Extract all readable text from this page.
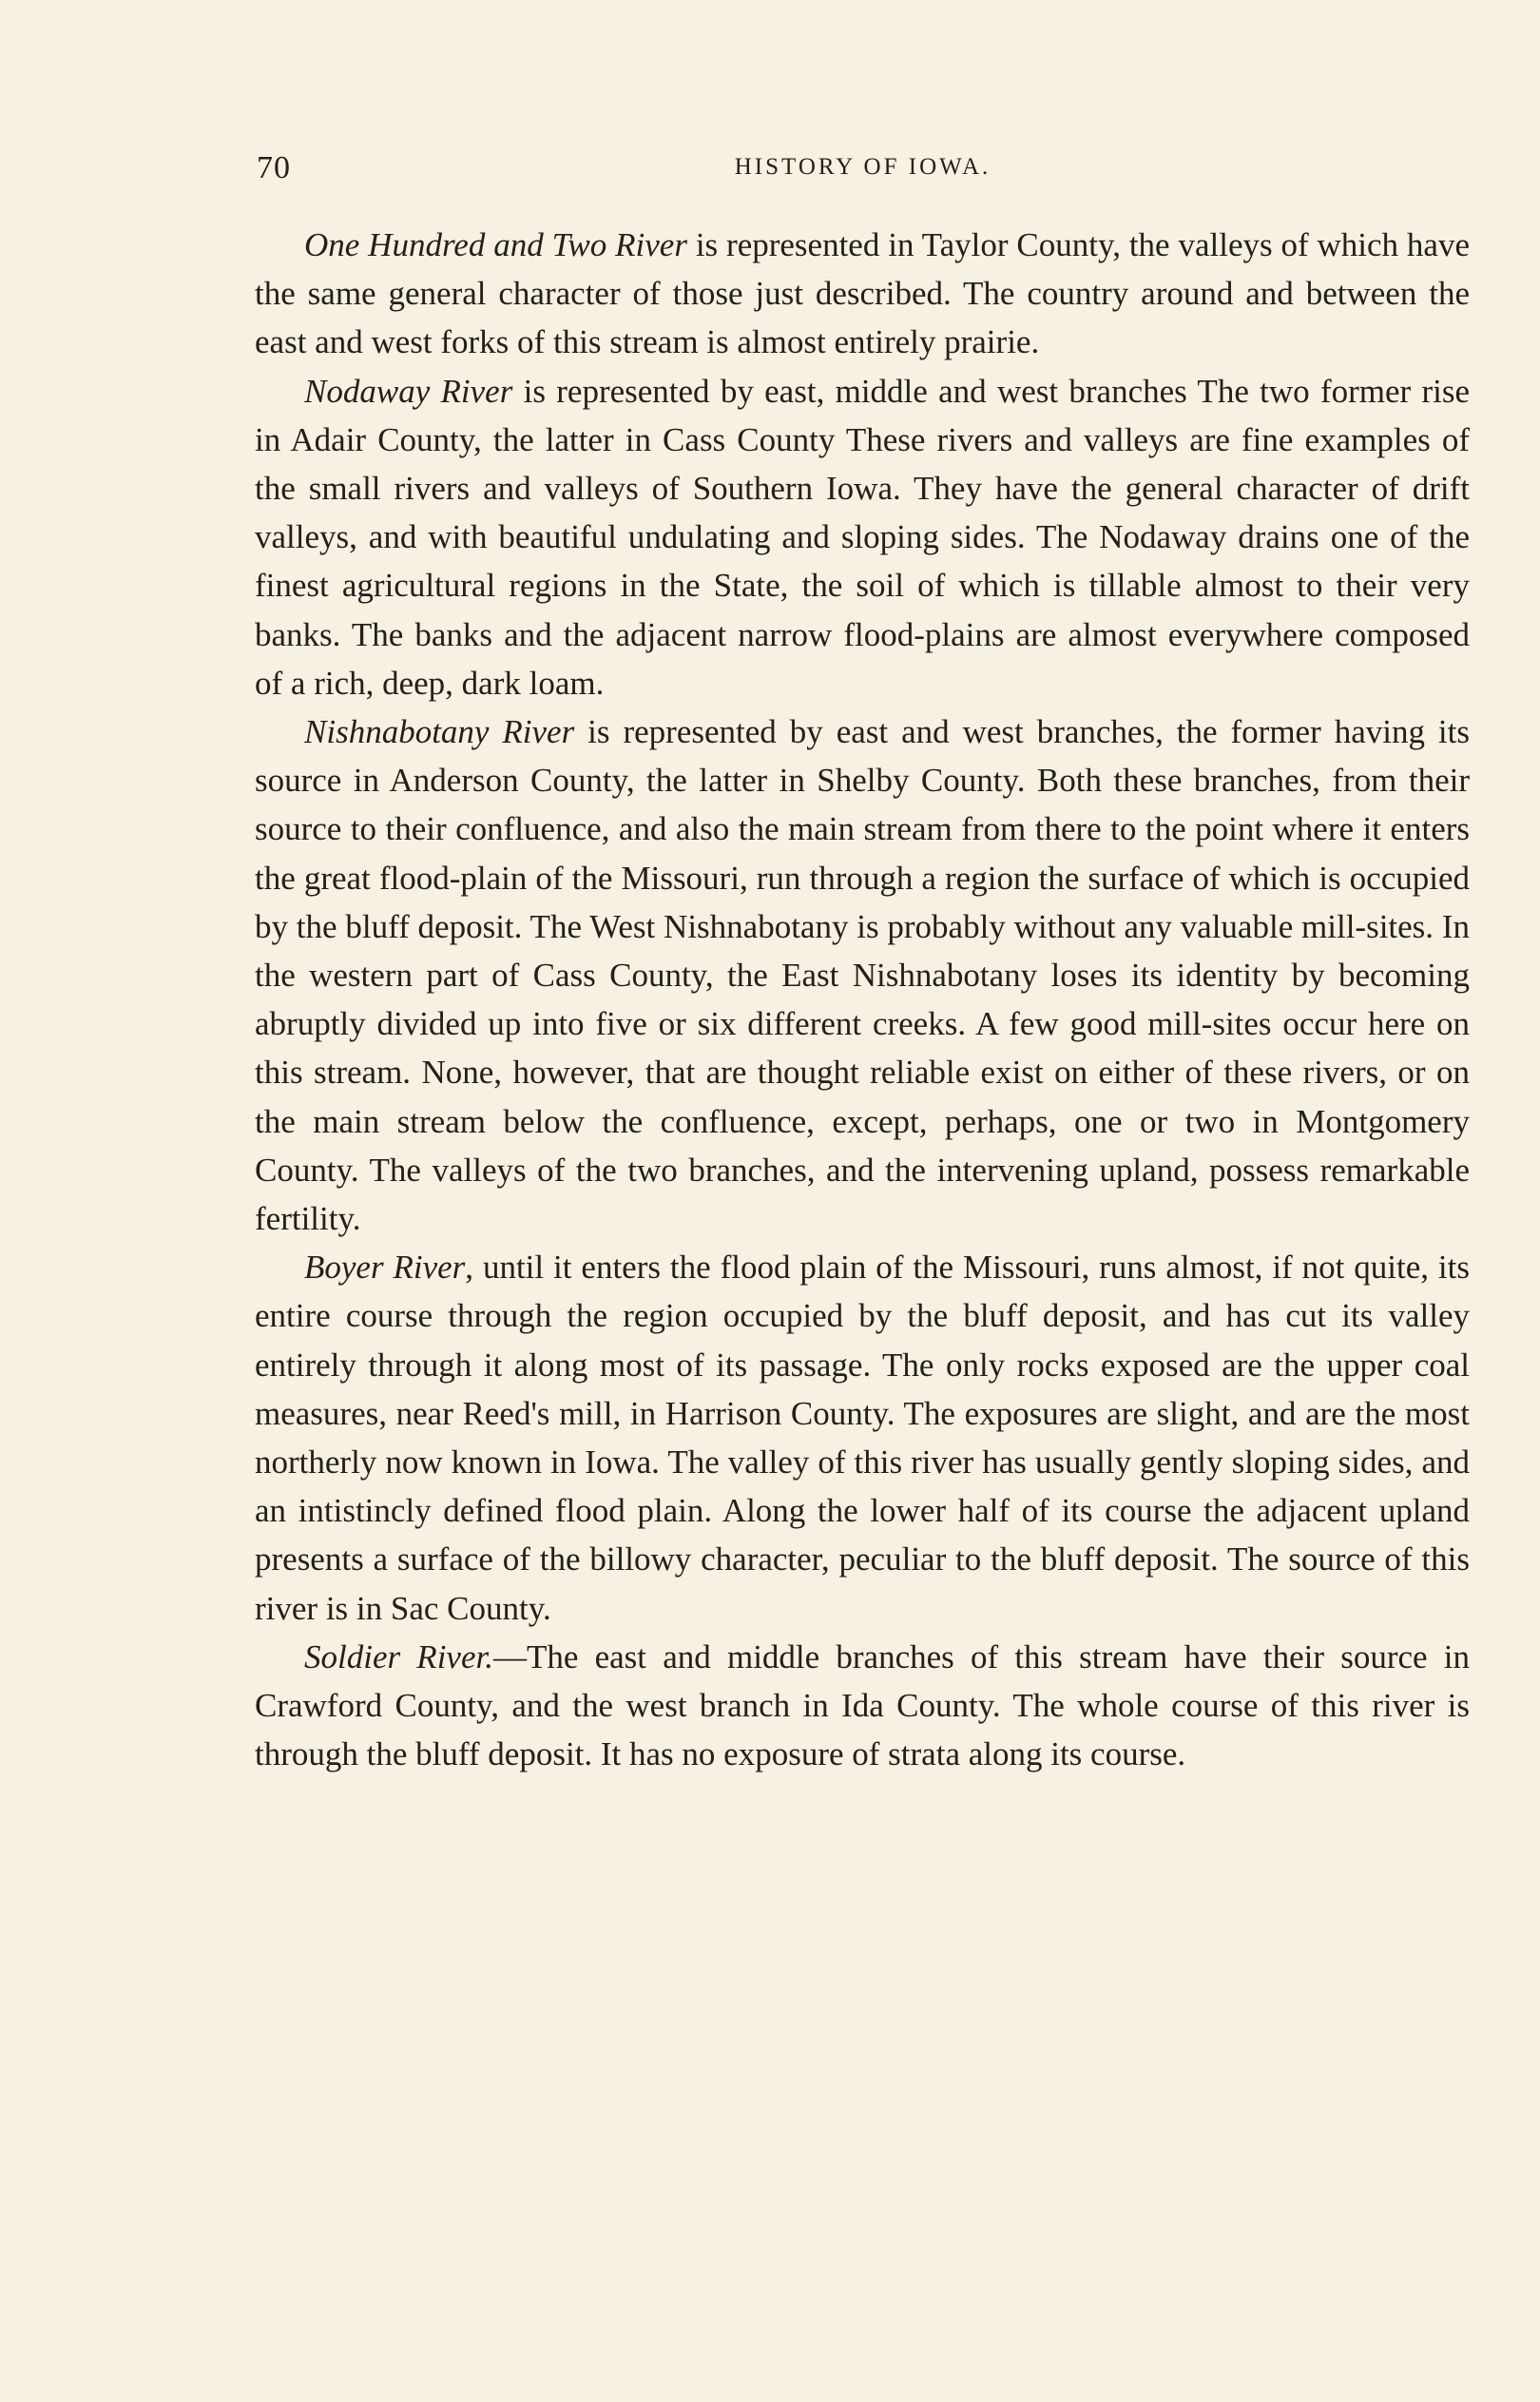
70	HISTORY OF IOWA.

One Hundred and Two River is represented in Taylor County, the valleys of which have the same general character of those just described. The country around and between the east and west forks of this stream is almost entirely prairie.

Nodaway River is represented by east, middle and west branches The two former rise in Adair County, the latter in Cass County These rivers and valleys are fine examples of the small rivers and valleys of Southern Iowa. They have the general character of drift valleys, and with beautiful undulating and sloping sides. The Nodaway drains one of the finest agricultural regions in the State, the soil of which is tillable almost to their very banks. The banks and the adjacent narrow flood-plains are almost everywhere composed of a rich, deep, dark loam.

Nishnabotany River is represented by east and west branches, the former having its source in Anderson County, the latter in Shelby County. Both these branches, from their source to their confluence, and also the main stream from there to the point where it enters the great flood-plain of the Missouri, run through a region the surface of which is occupied by the bluff deposit. The West Nishnabotany is probably without any valuable mill-sites. In the western part of Cass County, the East Nishnabotany loses its identity by becoming abruptly divided up into five or six different creeks. A few good mill-sites occur here on this stream. None, however, that are thought reliable exist on either of these rivers, or on the main stream below the confluence, except, perhaps, one or two in Montgomery County. The valleys of the two branches, and the intervening upland, possess remarkable fertility.

Boyer River, until it enters the flood plain of the Missouri, runs almost, if not quite, its entire course through the region occupied by the bluff deposit, and has cut its valley entirely through it along most of its passage. The only rocks exposed are the upper coal measures, near Reed's mill, in Harrison County. The exposures are slight, and are the most northerly now known in Iowa. The valley of this river has usually gently sloping sides, and an intistincly defined flood plain. Along the lower half of its course the adjacent upland presents a surface of the billowy character, peculiar to the bluff deposit. The source of this river is in Sac County.

Soldier River.—The east and middle branches of this stream have their source in Crawford County, and the west branch in Ida County. The whole course of this river is through the bluff deposit. It has no exposure of strata along its course.
